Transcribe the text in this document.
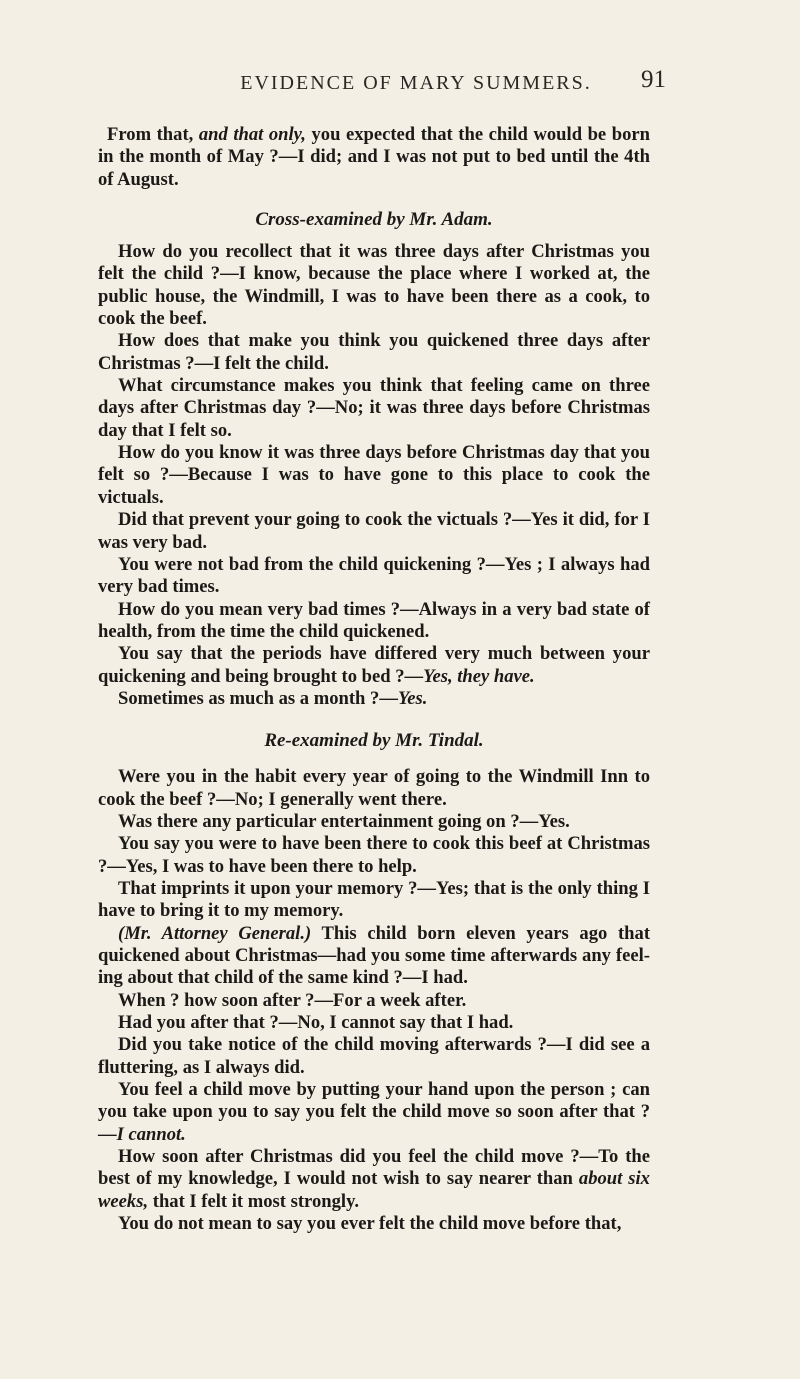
EVIDENCE OF MARY SUMMERS.	91

From that, and that only, you expected that the child would be born in the month of May ?—I did; and I was not put to bed until the 4th of August.

Cross-examined by Mr. Adam.

How do you recollect that it was three days after Christmas you felt the child ?—I know, because the place where I worked at, the public house, the Windmill, I was to have been there as a cook, to cook the beef.

How does that make you think you quickened three days after Christmas ?—I felt the child.

What circumstance makes you think that feeling came on three days after Christmas day ?—No; it was three days before Christmas day that I felt so.

How do you know it was three days before Christmas day that you felt so ?—Because I was to have gone to this place to cook the victuals.

Did that prevent your going to cook the victuals ?—Yes it did, for I was very bad.

You were not bad from the child quickening ?—Yes ; I always had very bad times.

How do you mean very bad times ?—Always in a very bad state of health, from the time the child quickened.

You say that the periods have differed very much between your quickening and being brought to bed ?—Yes, they have.

Sometimes as much as a month ?—Yes.

Re-examined by Mr. Tindal.

Were you in the habit every year of going to the Windmill Inn to cook the beef ?—No; I generally went there.

Was there any particular entertainment going on ?—Yes.

You say you were to have been there to cook this beef at Christmas ?—Yes, I was to have been there to help.

That imprints it upon your memory ?—Yes; that is the only thing I have to bring it to my memory.

(Mr. Attorney General.) This child born eleven years ago that quickened about Christmas—had you some time afterwards any feeling about that child of the same kind ?—I had.

When ? how soon after ?—For a week after.

Had you after that ?—No, I cannot say that I had.

Did you take notice of the child moving afterwards ?—I did see a fluttering, as I always did.

You feel a child move by putting your hand upon the person ; can you take upon you to say you felt the child move so soon after that ?—I cannot.

How soon after Christmas did you feel the child move ?—To the best of my knowledge, I would not wish to say nearer than about six weeks, that I felt it most strongly.

You do not mean to say you ever felt the child move before that,
